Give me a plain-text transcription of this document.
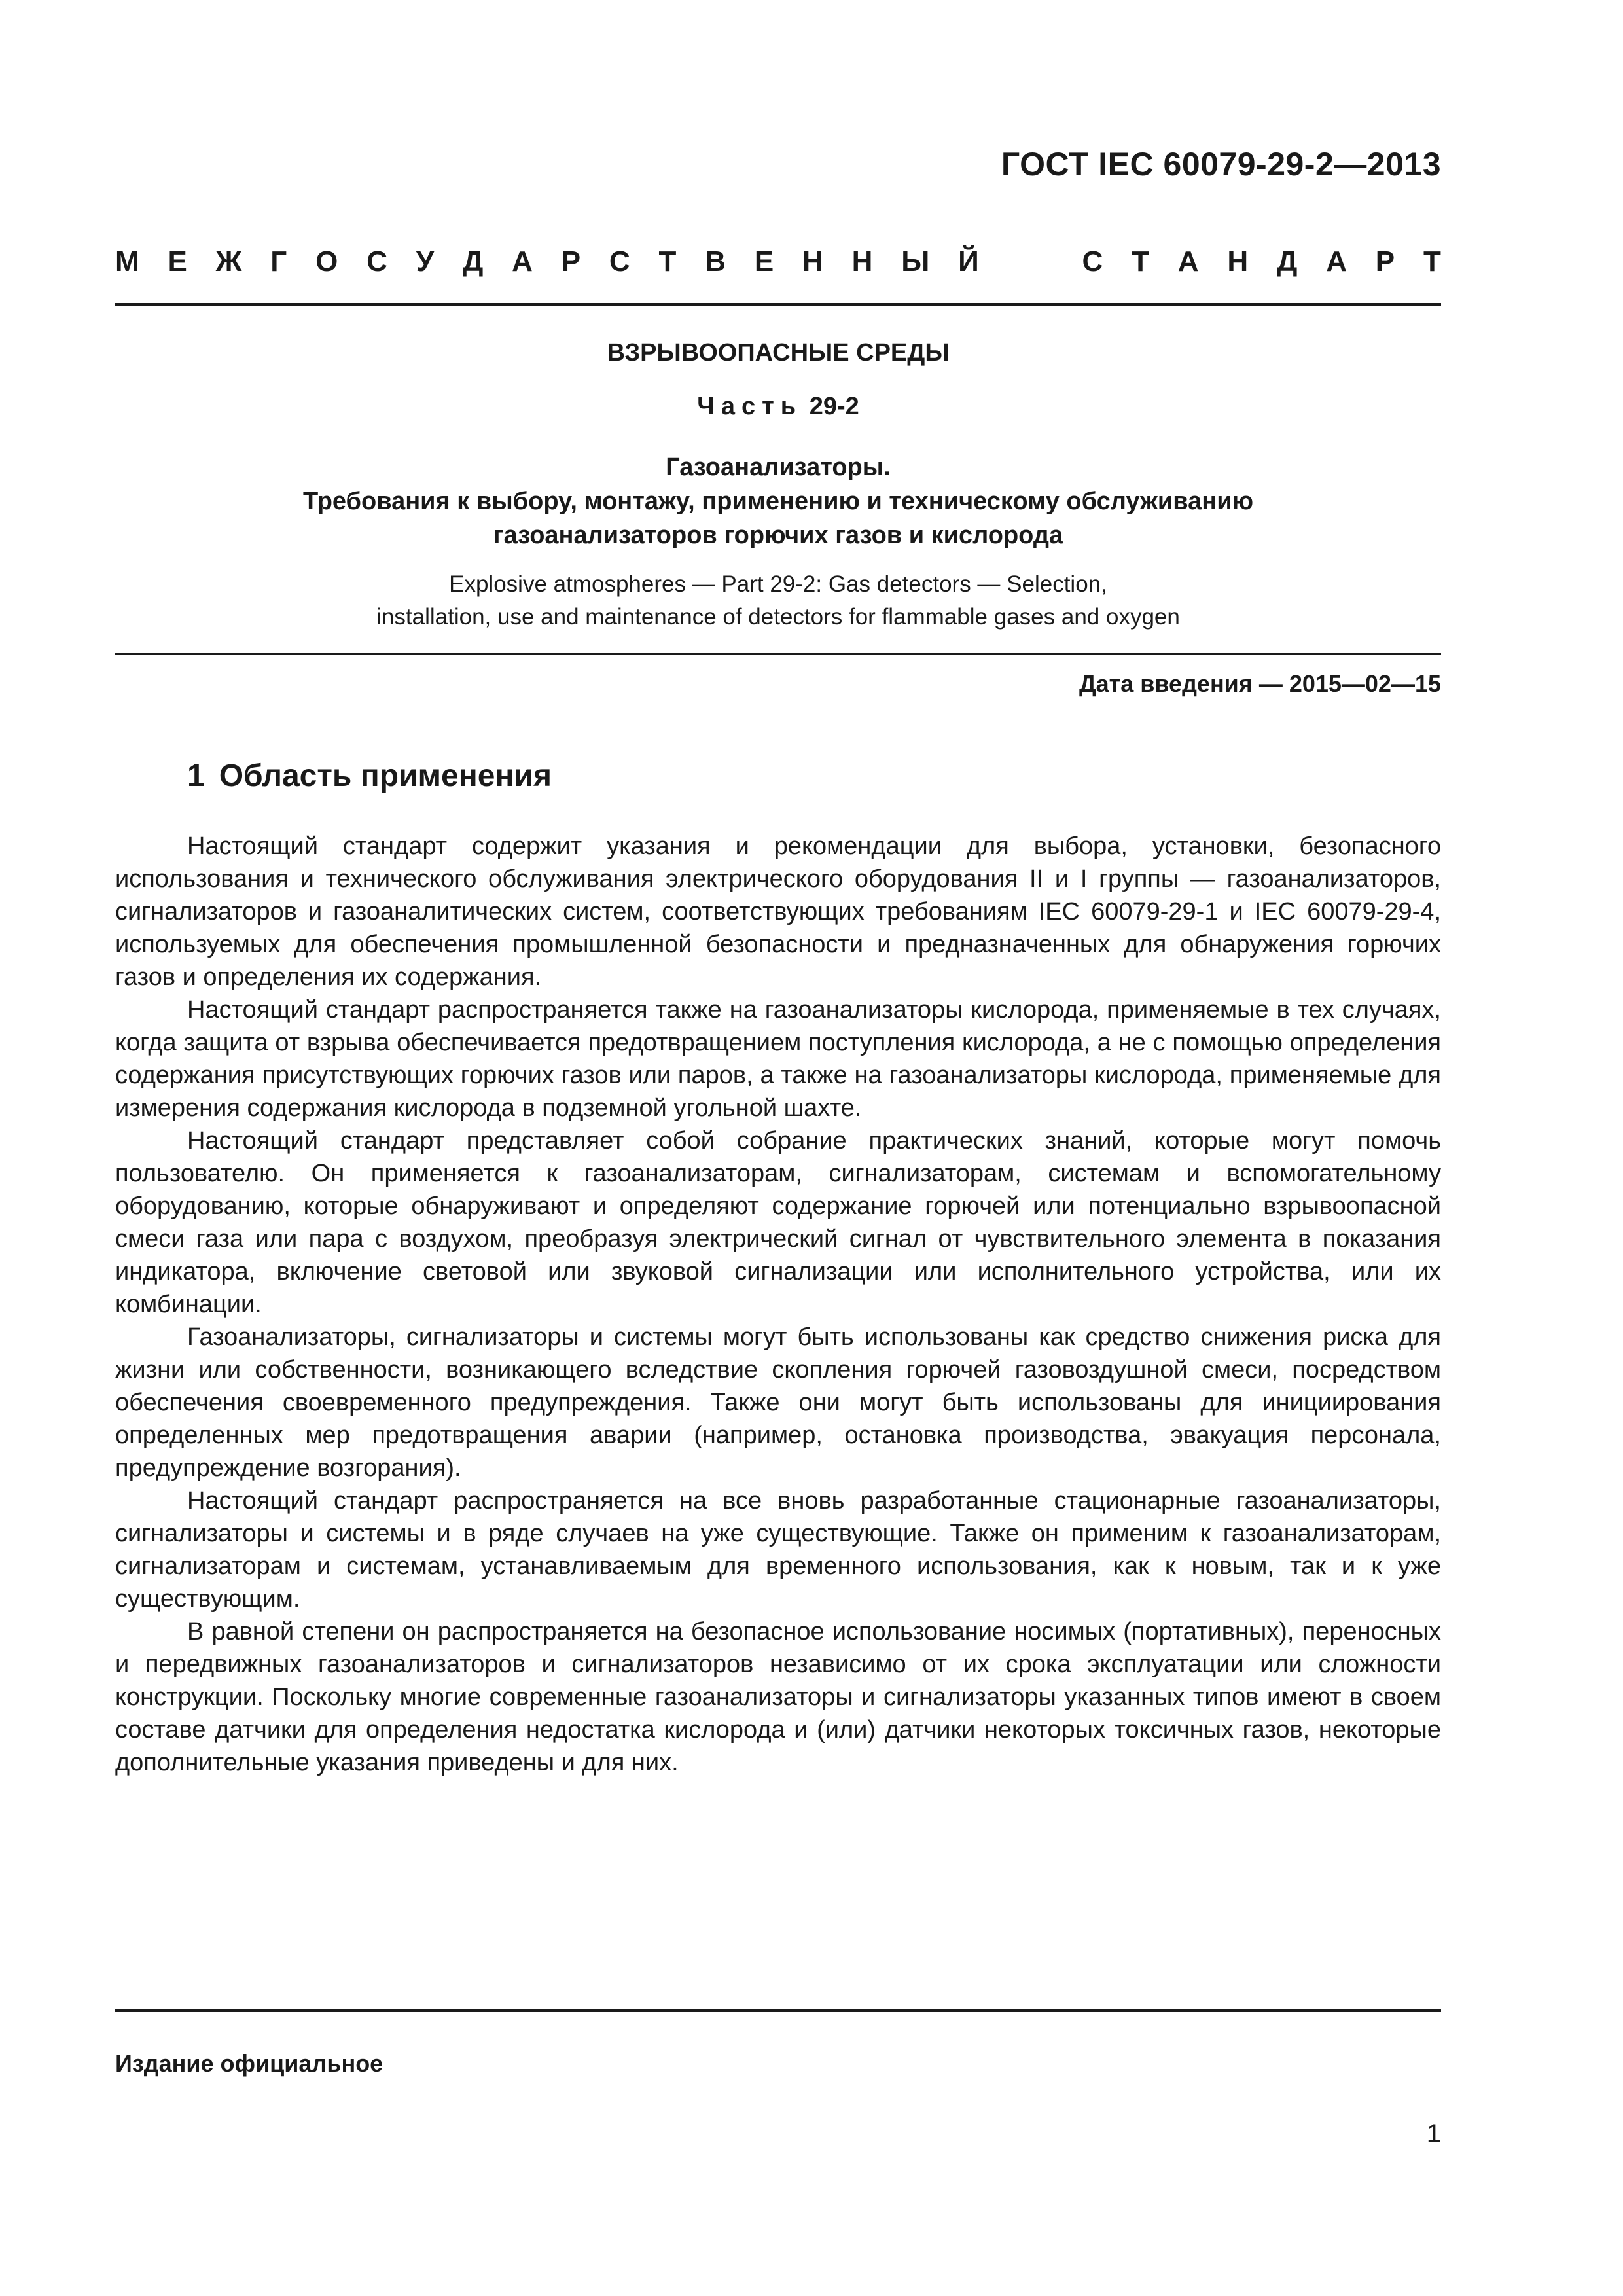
ГОСТ IEC 60079-29-2—2013
М Е Ж Г О С У Д А Р С Т В Е Н Н Ы Й	С Т А Н Д А Р Т
ВЗРЫВООПАСНЫЕ СРЕДЫ
Часть 29-2
Газоанализаторы.
Требования к выбору, монтажу, применению и техническому обслуживанию
газоанализаторов горючих газов и кислорода
Explosive atmospheres — Part 29-2: Gas detectors — Selection,
installation, use and maintenance of detectors for flammable gases and oxygen
Дата введения — 2015—02—15
1 Область применения

Настоящий стандарт содержит указания и рекомендации для выбора, установки, безопасного использования и технического обслуживания электрического оборудования II и I группы — газоанализаторов, сигнализаторов и газоаналитических систем, соответствующих требованиям IEC 60079-29-1 и IEC 60079-29-4, используемых для обеспечения промышленной безопасности и предназначенных для обнаружения горючих газов и определения их содержания.

Настоящий стандарт распространяется также на газоанализаторы кислорода, применяемые в тех случаях, когда защита от взрыва обеспечивается предотвращением поступления кислорода, а не с помощью определения содержания присутствующих горючих газов или паров, а также на газоанализаторы кислорода, применяемые для измерения содержания кислорода в подземной угольной шахте.

Настоящий стандарт представляет собой собрание практических знаний, которые могут помочь пользователю. Он применяется к газоанализаторам, сигнализаторам, системам и вспомогательному оборудованию, которые обнаруживают и определяют содержание горючей или потенциально взрывоопасной смеси газа или пара с воздухом, преобразуя электрический сигнал от чувствительного элемента в показания индикатора, включение световой или звуковой сигнализации или исполнительного устройства, или их комбинации.

Газоанализаторы, сигнализаторы и системы могут быть использованы как средство снижения риска для жизни или собственности, возникающего вследствие скопления горючей газовоздушной смеси, посредством обеспечения своевременного предупреждения. Также они могут быть использованы для инициирования определенных мер предотвращения аварии (например, остановка производства, эвакуация персонала, предупреждение возгорания).

Настоящий стандарт распространяется на все вновь разработанные стационарные газоанализаторы, сигнализаторы и системы и в ряде случаев на уже существующие. Также он применим к газоанализаторам, сигнализаторам и системам, устанавливаемым для временного использования, как к новым, так и к уже существующим.

В равной степени он распространяется на безопасное использование носимых (портативных), переносных и передвижных газоанализаторов и сигнализаторов независимо от их срока эксплуатации или сложности конструкции. Поскольку многие современные газоанализаторы и сигнализаторы указанных типов имеют в своем составе датчики для определения недостатка кислорода и (или) датчики некоторых токсичных газов, некоторые дополнительные указания приведены и для них.

Издание официальное
1
